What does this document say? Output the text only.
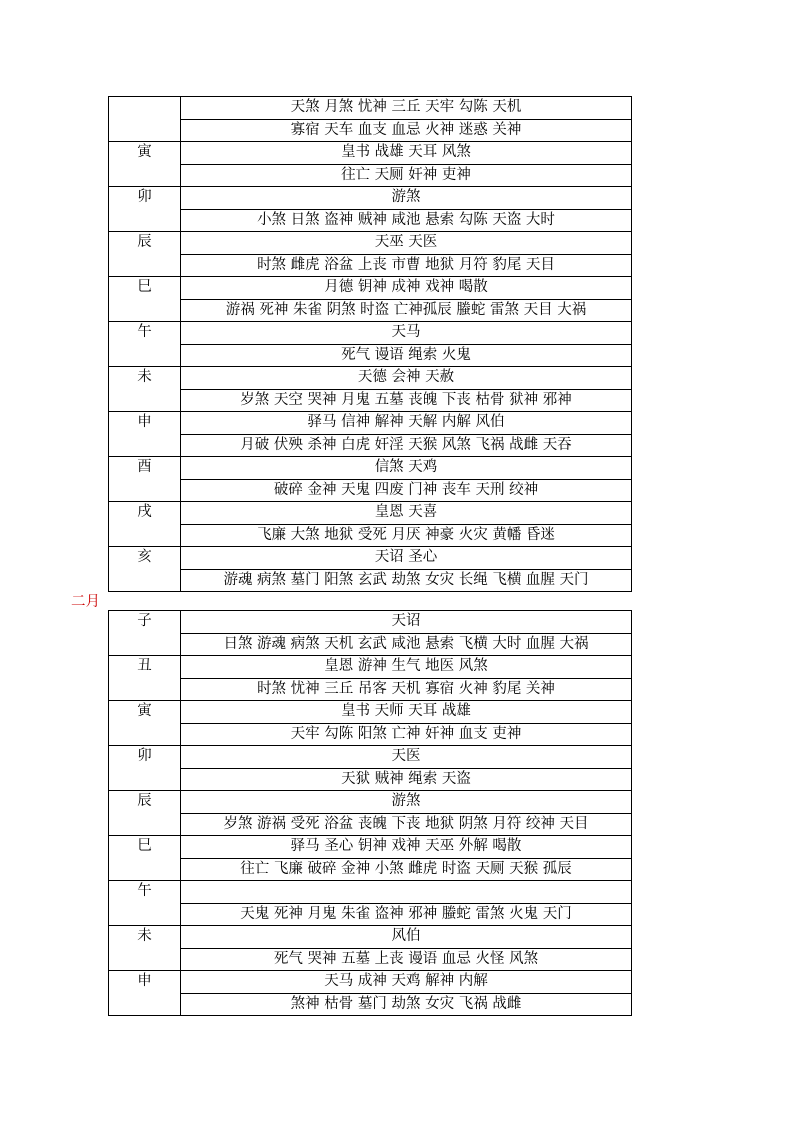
	天煞 月煞 忧神 三丘 天牢 勾陈 天机
	寡宿 天车 血支 血忌 火神 迷惑 关神
寅	皇书 战雄 天耳 风煞
	往亡 天厕 奸神 吏神
卯	游煞
	小煞 日煞 盗神 贼神 咸池 悬索 勾陈 天盗 大时
辰	天巫 天医
	时煞 雌虎 浴盆 上丧 市曹 地狱 月符 豹尾 天目
巳	月德 钥神 成神 戏神 喝散
	游祸 死神 朱雀 阴煞 时盗 亡神孤辰 螣蛇 雷煞 天目 大祸
午	天马
	死气 谩语 绳索 火鬼
未	天德 会神 天赦
	岁煞 天空 哭神 月鬼 五墓 丧魄 下丧 枯骨 狱神 邪神
申	驿马 信神 解神 天解 内解 风伯
	月破 伏殃 杀神 白虎 奸淫 天猴 风煞 飞祸 战雌 天吞
酉	信煞 天鸡
	破碎 金神 天鬼 四废 门神 丧车 天刑 绞神
戌	皇恩 天喜
	飞廉 大煞 地狱 受死 月厌 神豪 火灾 黄幡 昏迷
亥	天诏 圣心
	游魂 病煞 墓门 阳煞 玄武 劫煞 女灾 长绳 飞横 血腥 天门
二月
子	天诏
	日煞 游魂 病煞 天机 玄武 咸池 悬索 飞横 大时 血腥 大祸
丑	皇恩 游神 生气 地医 风煞
	时煞 忧神 三丘 吊客 天机 寡宿 火神 豹尾 关神
寅	皇书 天师 天耳 战雄
	天牢 勾陈 阳煞 亡神 奸神 血支 吏神
卯	天医
	天狱 贼神 绳索 天盗
辰	游煞
	岁煞 游祸 受死 浴盆 丧魄 下丧 地狱 阴煞 月符 绞神 天目
巳	驿马 圣心 钥神 戏神 天巫 外解 喝散
	往亡 飞廉 破碎 金神 小煞 雌虎 时盗 天厕 天猴 孤辰
午	
	天鬼 死神 月鬼 朱雀 盗神 邪神 螣蛇 雷煞 火鬼 天门
未	风伯
	死气 哭神 五墓 上丧 谩语 血忌 火怪 风煞
申	天马 成神 天鸡 解神 内解
	煞神 枯骨 墓门 劫煞 女灾 飞祸 战雌
